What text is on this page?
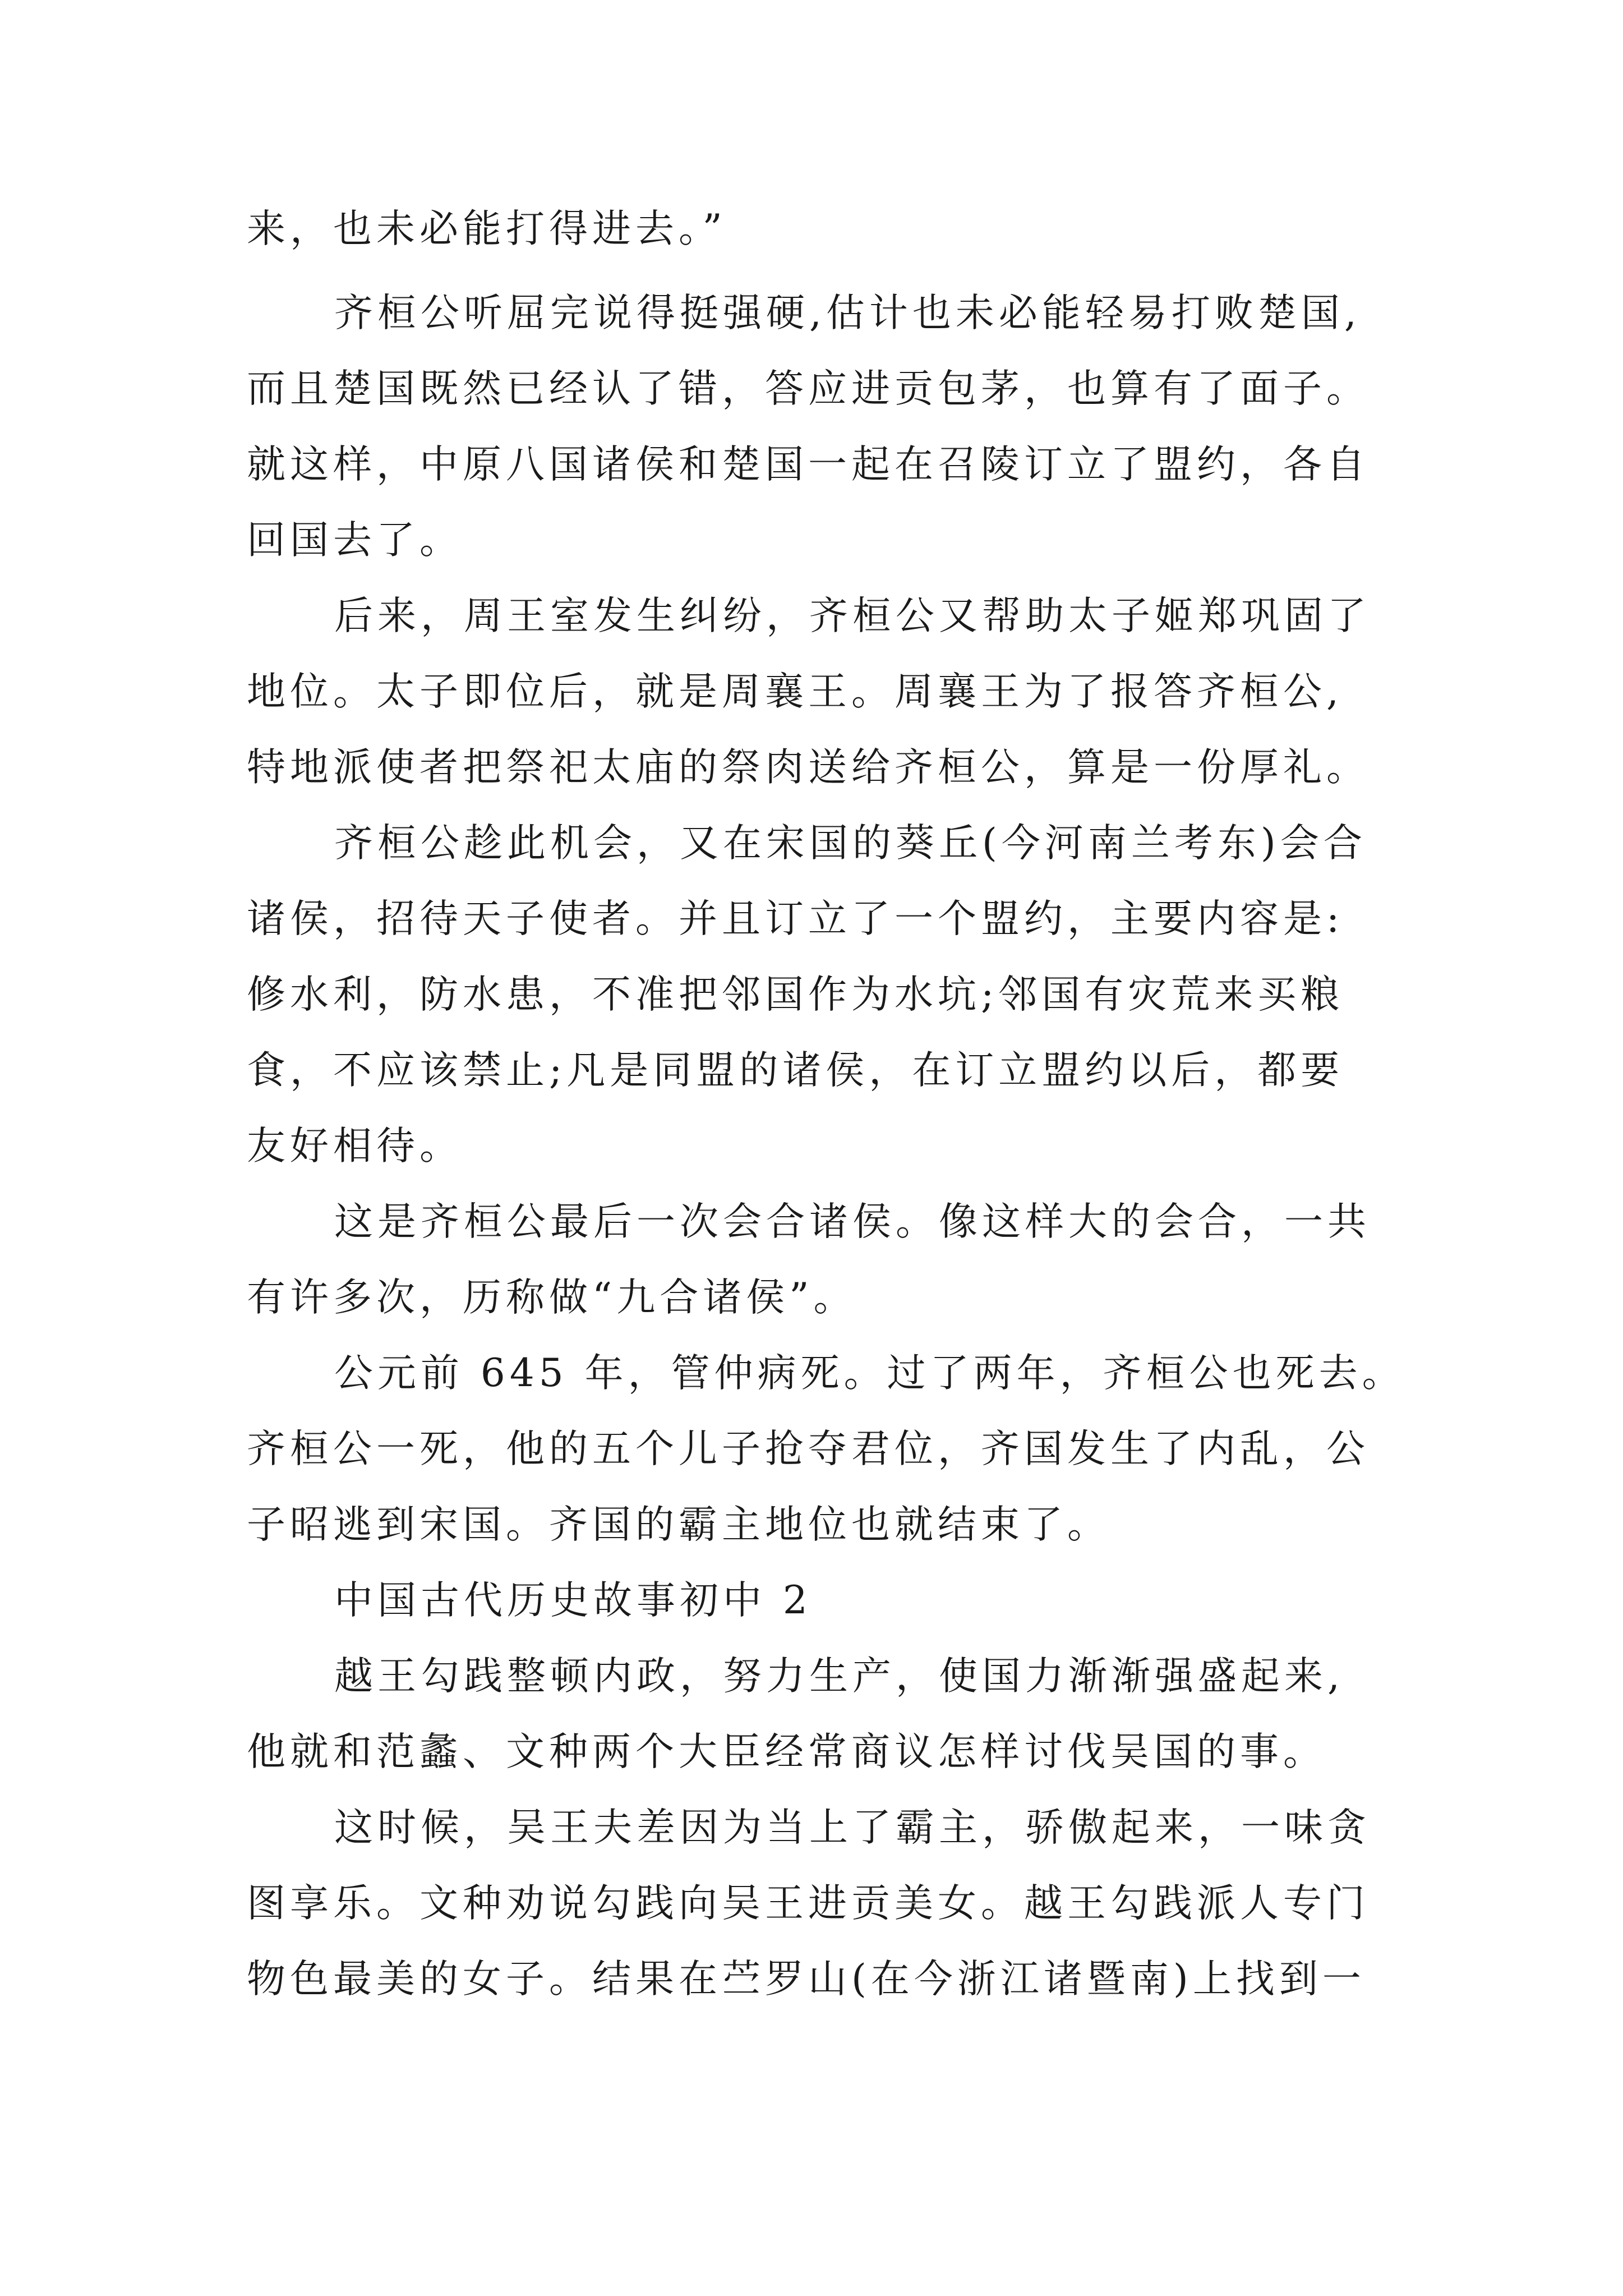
来，也未必能打得进去。”
齐桓公听屈完说得挺强硬,估计也未必能轻易打败楚国,
而且楚国既然已经认了错，答应进贡包茅，也算有了面子。
就这样，中原八国诸侯和楚国一起在召陵订立了盟约，各自
回国去了。
后来，周王室发生纠纷，齐桓公又帮助太子姬郑巩固了
地位。太子即位后，就是周襄王。周襄王为了报答齐桓公,
特地派使者把祭祀太庙的祭肉送给齐桓公，算是一份厚礼。
齐桓公趁此机会，又在宋国的葵丘(今河南兰考东)会合
诸侯，招待天子使者。并且订立了一个盟约，主要内容是:
修水利，防水患，不准把邻国作为水坑;邻国有灾荒来买粮
食，不应该禁止;凡是同盟的诸侯，在订立盟约以后，都要
友好相待。
这是齐桓公最后一次会合诸侯。像这样大的会合，一共
有许多次，历称做“九合诸侯”。
公元前 645 年，管仲病死。过了两年，齐桓公也死去。
齐桓公一死，他的五个儿子抢夺君位，齐国发生了内乱，公
子昭逃到宋国。齐国的霸主地位也就结束了。
中国古代历史故事初中 2
越王勾践整顿内政，努力生产，使国力渐渐强盛起来,
他就和范蠡、文种两个大臣经常商议怎样讨伐吴国的事。
这时候，吴王夫差因为当上了霸主，骄傲起来，一味贪
图享乐。文种劝说勾践向吴王进贡美女。越王勾践派人专门
物色最美的女子。结果在苎罗山(在今浙江诸暨南)上找到一
